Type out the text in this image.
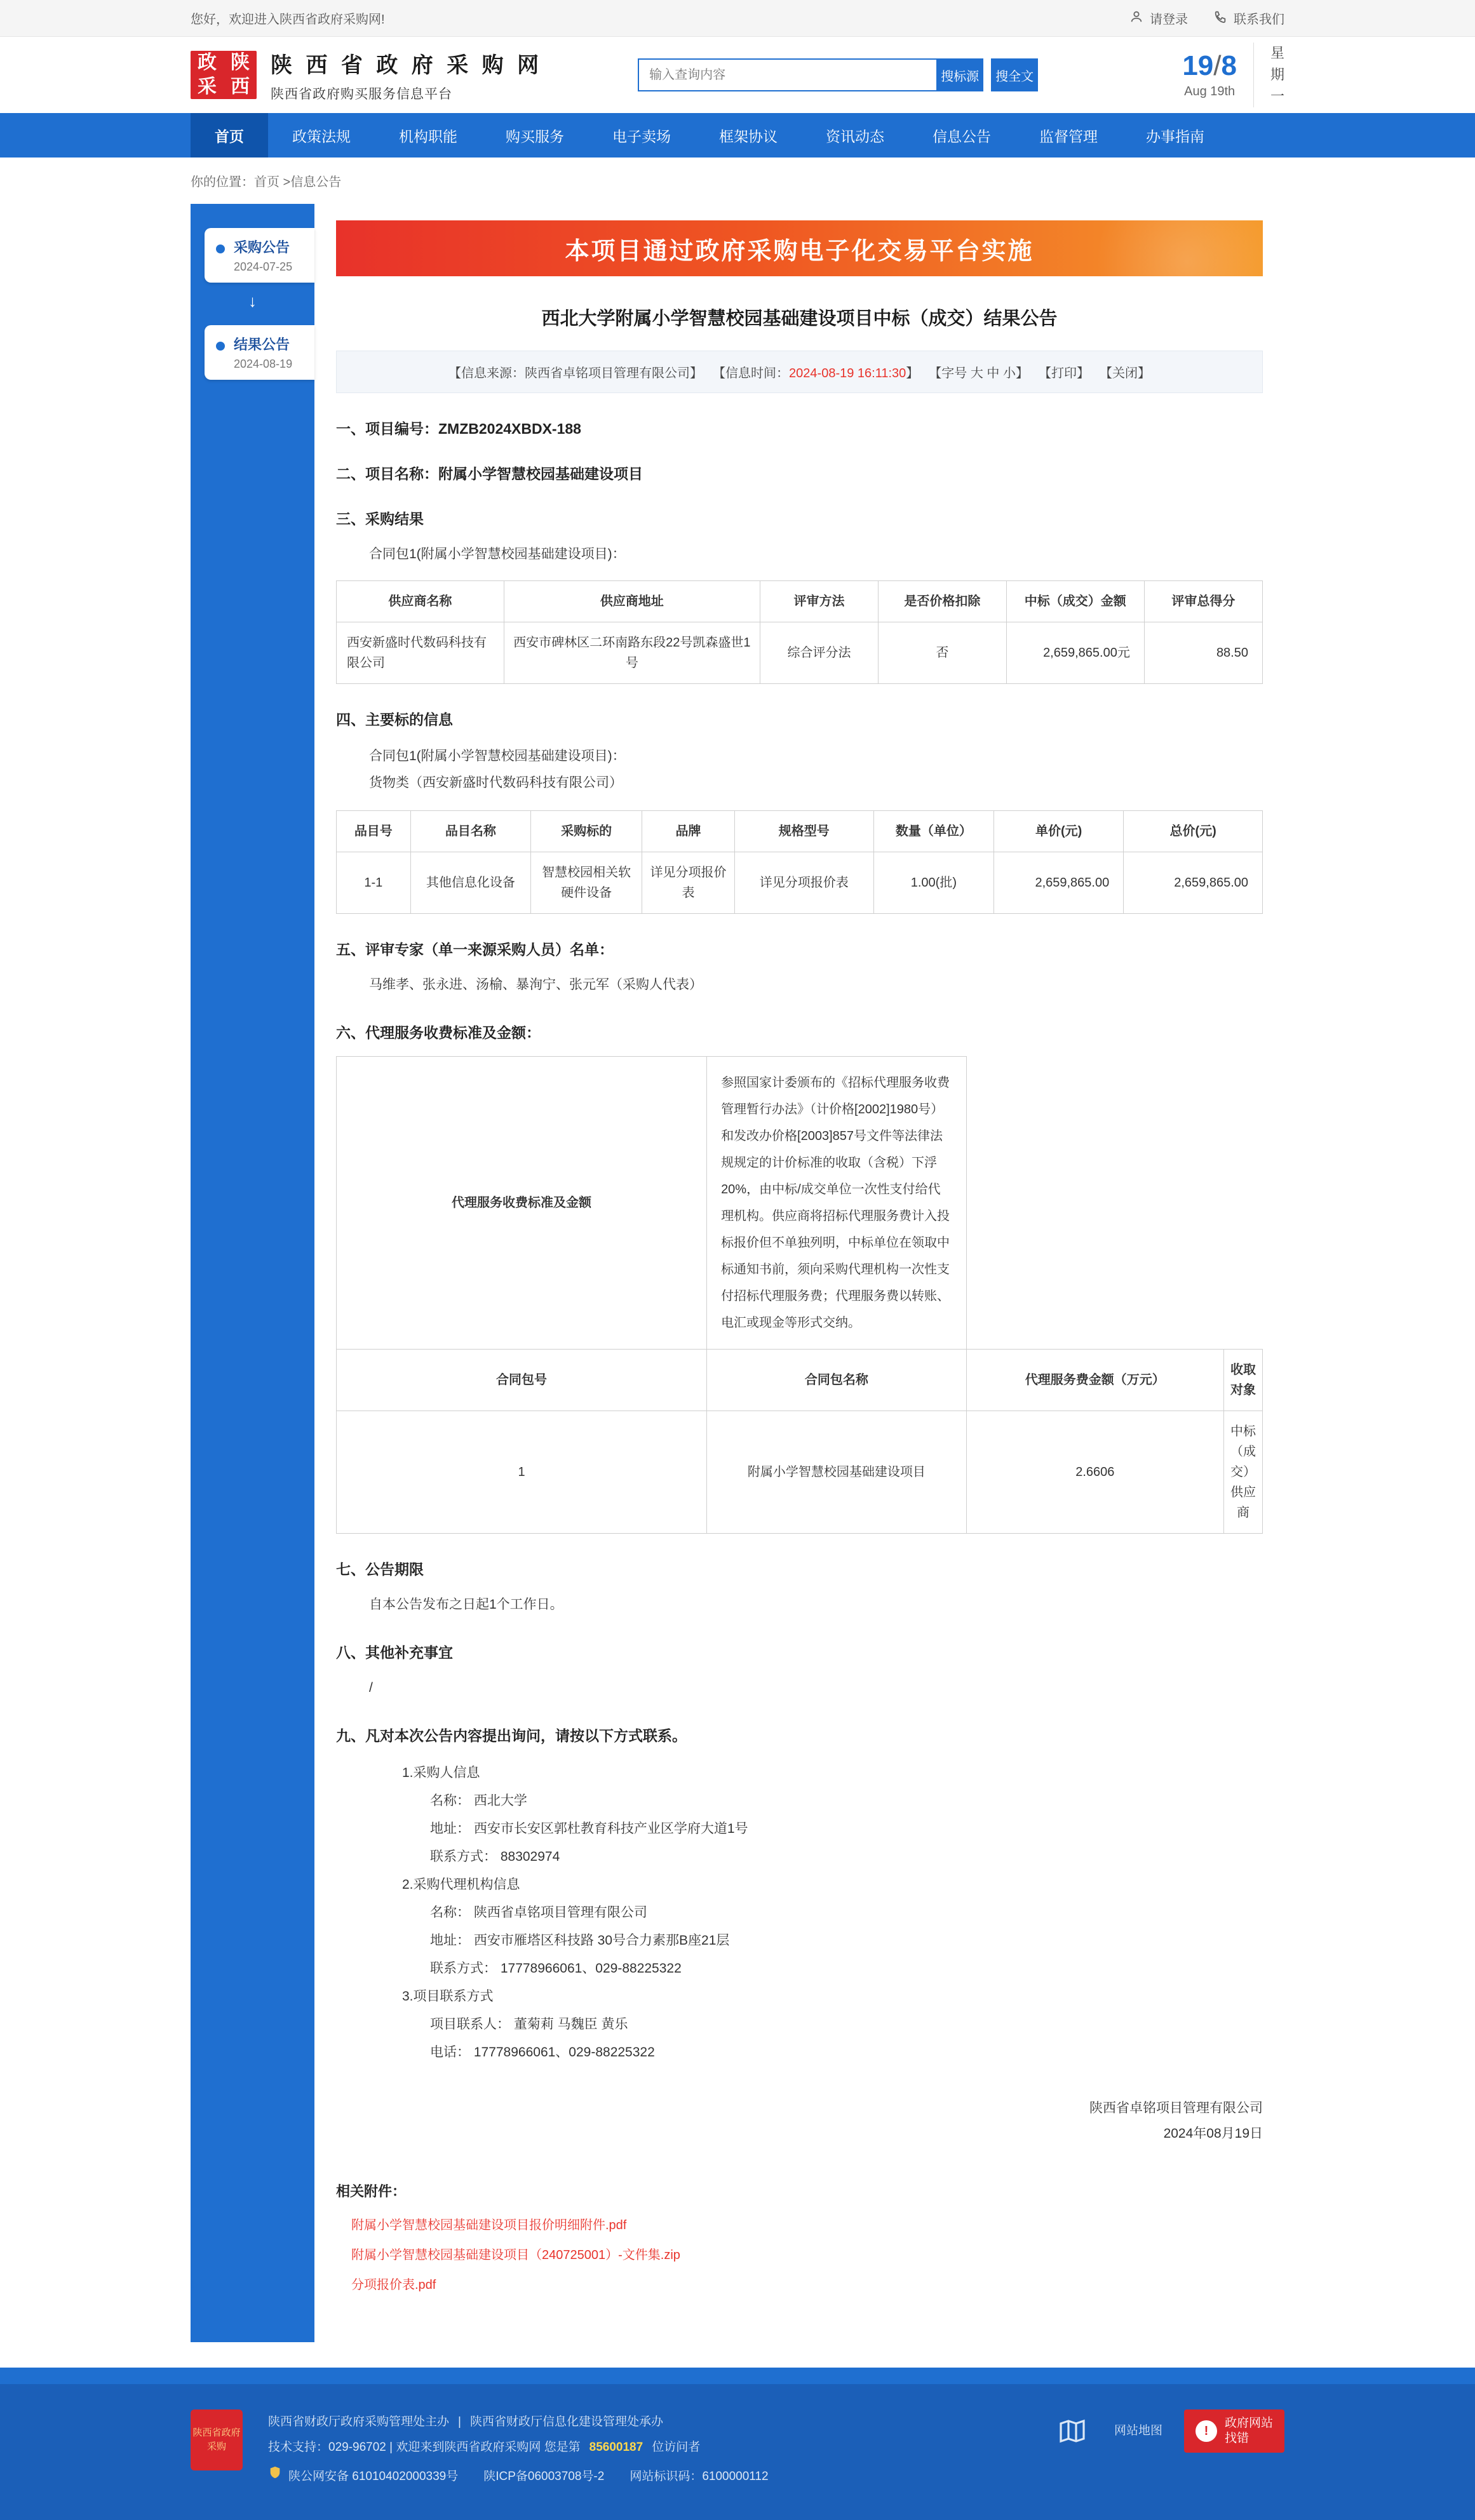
您好，欢迎进入陕西省政府采购网!	请登录	联系我们
政 陕
采 西
陕 西 省 政 府 采 购 网
陕西省政府购买服务信息平台
输入查询内容
搜标源	搜全文	19/8
Aug 19th
星
期
一
首页	政策法规	机构职能	购买服务	电子卖场	框架协议	资讯动态	信息公告	监督管理	办事指南
你的位置：首页 >信息公告
采购公告
2024-07-25
↓
结果公告
2024-08-19
本项目通过政府采购电子化交易平台实施
西北大学附属小学智慧校园基础建设项目中标（成交）结果公告
【信息来源：陕西省卓铭项目管理有限公司】 【信息时间：2024-08-19 16:11:30】 【字号 大 中 小】 【打印】 【关闭】
一、项目编号：ZMZB2024XBDX-188
二、项目名称：附属小学智慧校园基础建设项目
三、采购结果
合同包1(附属小学智慧校园基础建设项目)：
供应商名称	供应商地址	评审方法	是否价格扣除	中标（成交）金额	评审总得分
西安新盛时代数码科技有限公司	西安市碑林区二环南路东段22号凯森盛世1号	综合评分法	否	2,659,865.00元	88.50
四、主要标的信息
合同包1(附属小学智慧校园基础建设项目)：
货物类（西安新盛时代数码科技有限公司）
品目号	品目名称	采购标的	品牌	规格型号	数量（单位）	单价(元)	总价(元)
1-1	其他信息化设备	智慧校园相关软硬件设备	详见分项报价表	详见分项报价表	1.00(批)	2,659,865.00	2,659,865.00
五、评审专家（单一来源采购人员）名单：
马维孝、张永进、汤榆、暴洵宁、张元军（采购人代表）
六、代理服务收费标准及金额：
代理服务收费标准及金额	参照国家计委颁布的《招标代理服务收费管理暂行办法》（计价格[2002]1980号）和发改办价格[2003]857号文件等法律法规规定的计价标准的收取（含税）下浮20%，由中标/成交单位一次性支付给代理机构。供应商将招标代理服务费计入投标报价但不单独列明，中标单位在领取中标通知书前，须向采购代理机构一次性支付招标代理服务费；代理服务费以转账、电汇或现金等形式交纳。		
合同包号	合同包名称	代理服务费金额（万元）	收取对象
1	附属小学智慧校园基础建设项目	2.6606	中标（成交）供应商
七、公告期限
自本公告发布之日起1个工作日。
八、其他补充事宜
/
九、凡对本次公告内容提出询问，请按以下方式联系。
1.采购人信息
名称： 西北大学
地址： 西安市长安区郭杜教育科技产业区学府大道1号
联系方式： 88302974
2.采购代理机构信息
名称： 陕西省卓铭项目管理有限公司
地址： 西安市雁塔区科技路 30号合力素那B座21层
联系方式： 17778966061、029-88225322
3.项目联系方式
项目联系人： 董菊莉 马魏臣 黄乐
电话： 17778966061、029-88225322
陕西省卓铭项目管理有限公司
2024年08月19日
相关附件：
附属小学智慧校园基础建设项目报价明细附件.pdf
附属小学智慧校园基础建设项目（240725001）-文件集.zip
分项报价表.pdf
陕西省政府采购
陕西省财政厅政府采购管理处主办 | 陕西省财政厅信息化建设管理处承办
技术支持：029-96702 | 欢迎来到陕西省政府采购网 您是第 85600187 位访问者
陕公网安备 61010402000339号 陕ICP备06003708号-2 网站标识码：6100000112
网站地图	!
政府网站
找错
